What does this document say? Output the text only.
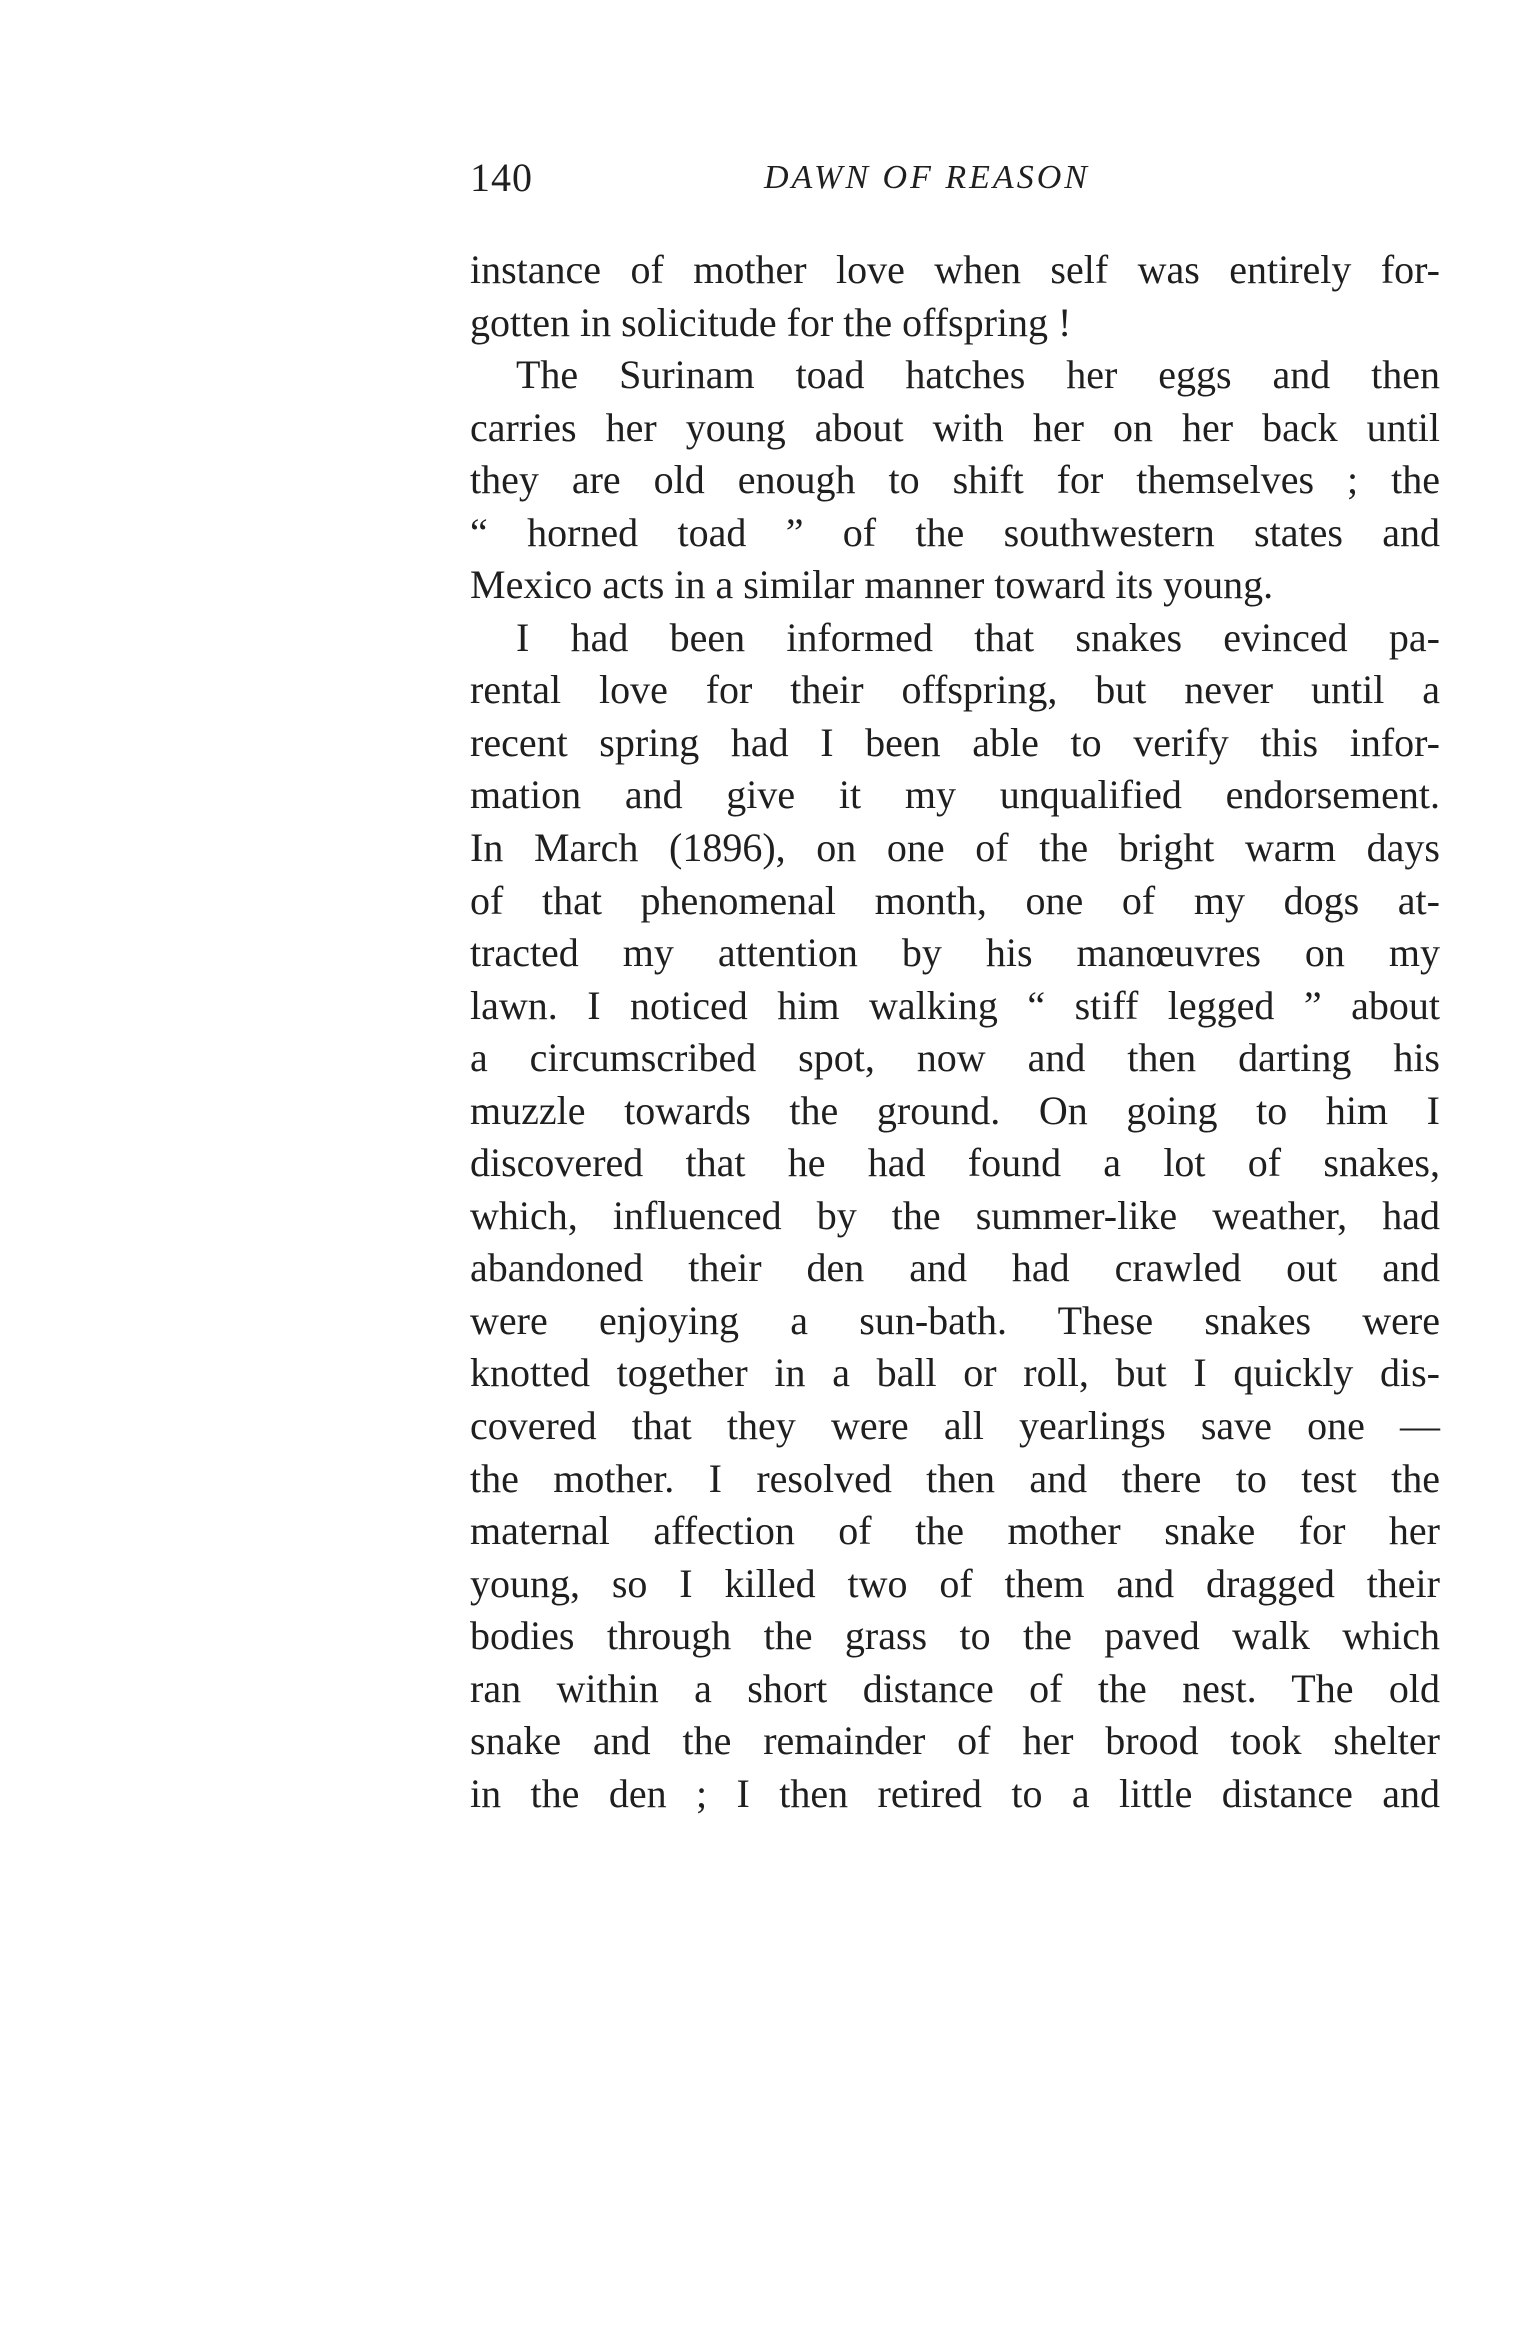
140	DAWN OF REASON
instance of mother love when self was entirely for-
gotten in solicitude for the offspring !
The Surinam toad hatches her eggs and then
carries her young about with her on her back until
they are old enough to shift for themselves ; the
“ horned toad ” of the southwestern states and
Mexico acts in a similar manner toward its young.
I had been informed that snakes evinced pa-
rental love for their offspring, but never until a
recent spring had I been able to verify this infor-
mation and give it my unqualified endorsement.
In March (1896), on one of the bright warm days
of that phenomenal month, one of my dogs at-
tracted my attention by his manœuvres on my
lawn. I noticed him walking “ stiff legged ” about
a circumscribed spot, now and then darting his
muzzle towards the ground. On going to him I
discovered that he had found a lot of snakes,
which, influenced by the summer-like weather, had
abandoned their den and had crawled out and
were enjoying a sun-bath. These snakes were
knotted together in a ball or roll, but I quickly dis-
covered that they were all yearlings save one —
the mother. I resolved then and there to test the
maternal affection of the mother snake for her
young, so I killed two of them and dragged their
bodies through the grass to the paved walk which
ran within a short distance of the nest. The old
snake and the remainder of her brood took shelter
in the den ; I then retired to a little distance and
